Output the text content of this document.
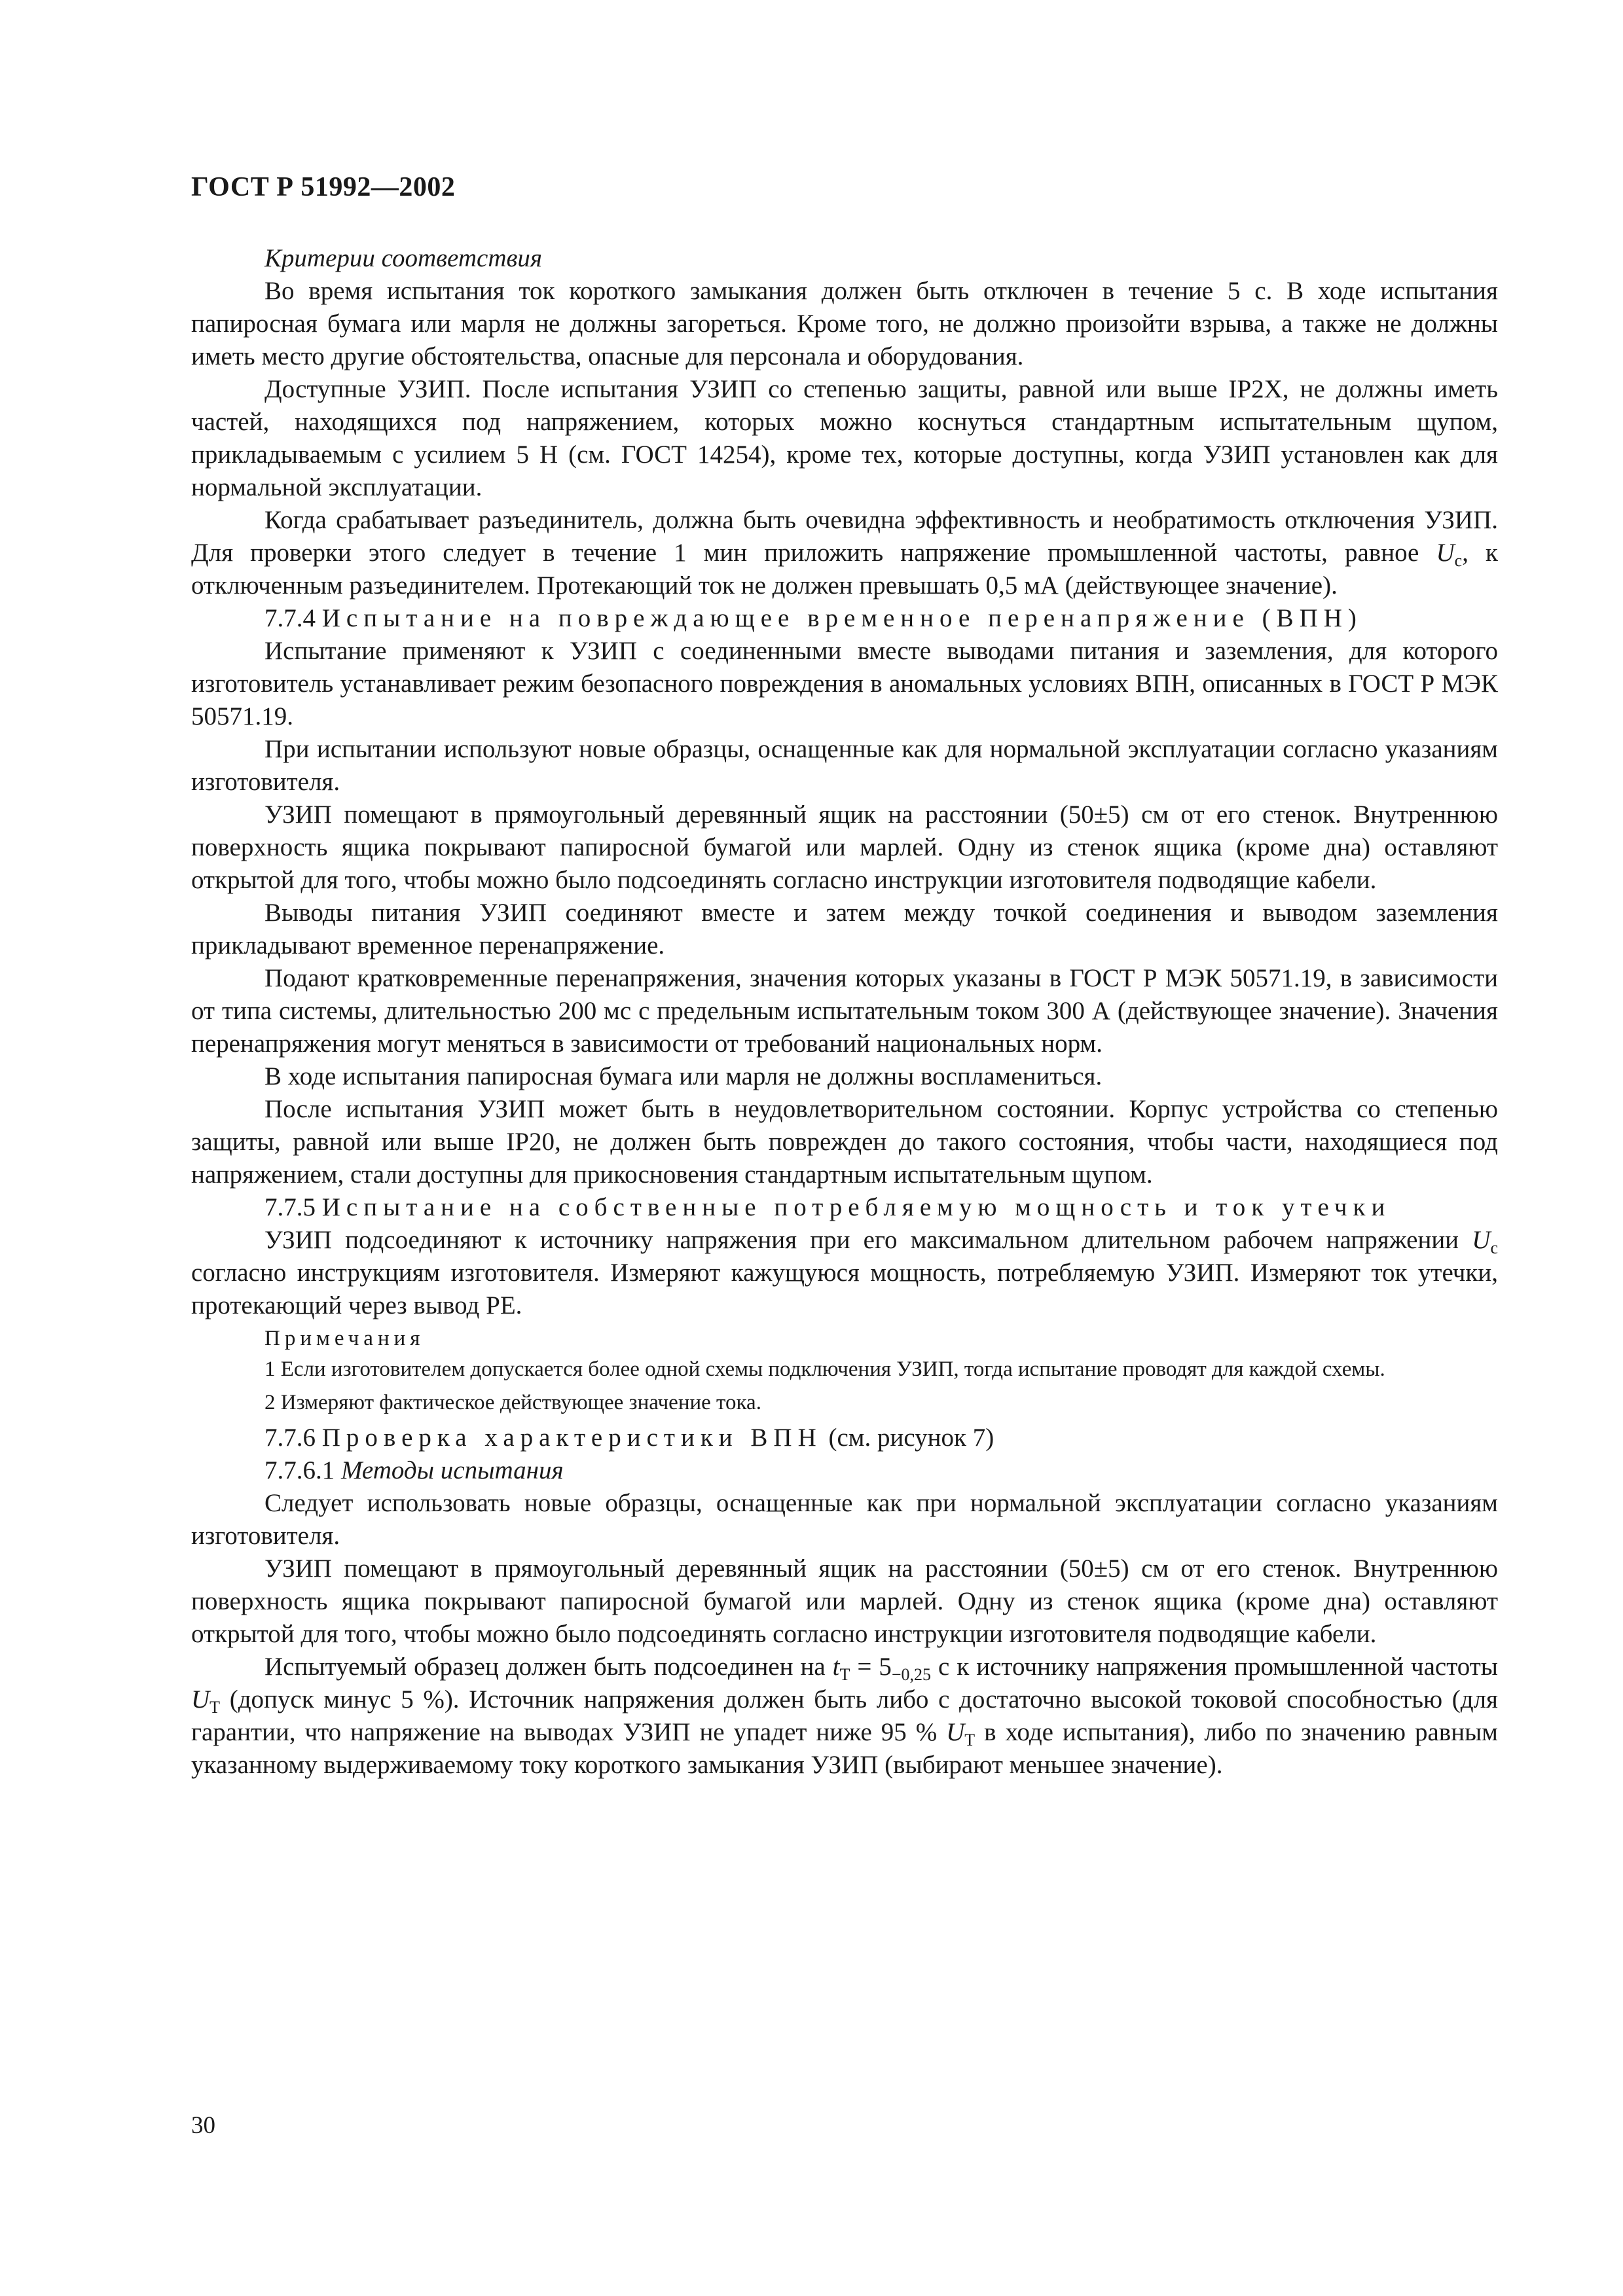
ГОСТ Р 51992—2002

Критерии соответствия

Во время испытания ток короткого замыкания должен быть отключен в течение 5 с. В ходе испытания папиросная бумага или марля не должны загореться. Кроме того, не должно произойти взрыва, а также не должны иметь место другие обстоятельства, опасные для персонала и оборудования.

Доступные УЗИП. После испытания УЗИП со степенью защиты, равной или выше IP2X, не должны иметь частей, находящихся под напряжением, которых можно коснуться стандартным испытательным щупом, прикладываемым с усилием 5 Н (см. ГОСТ 14254), кроме тех, которые доступны, когда УЗИП установлен как для нормальной эксплуатации.

Когда срабатывает разъединитель, должна быть очевидна эффективность и необратимость отключения УЗИП. Для проверки этого следует в течение 1 мин приложить напряжение промышленной частоты, равное $U_c$, к отключенным разъединителем. Протекающий ток не должен превышать 0,5 мА (действующее значение).

7.7.4 Испытание на повреждающее временное перенапряжение (ВПН)

Испытание применяют к УЗИП с соединенными вместе выводами питания и заземления, для которого изготовитель устанавливает режим безопасного повреждения в аномальных условиях ВПН, описанных в ГОСТ Р МЭК 50571.19.

При испытании используют новые образцы, оснащенные как для нормальной эксплуатации согласно указаниям изготовителя.

УЗИП помещают в прямоугольный деревянный ящик на расстоянии (50±5) см от его стенок. Внутреннюю поверхность ящика покрывают папиросной бумагой или марлей. Одну из стенок ящика (кроме дна) оставляют открытой для того, чтобы можно было подсоединять согласно инструкции изготовителя подводящие кабели.

Выводы питания УЗИП соединяют вместе и затем между точкой соединения и выводом заземления прикладывают временное перенапряжение.

Подают кратковременные перенапряжения, значения которых указаны в ГОСТ Р МЭК 50571.19, в зависимости от типа системы, длительностью 200 мс с предельным испытательным током 300 А (действующее значение). Значения перенапряжения могут меняться в зависимости от требований национальных норм.

В ходе испытания папиросная бумага или марля не должны воспламениться.

После испытания УЗИП может быть в неудовлетворительном состоянии. Корпус устройства со степенью защиты, равной или выше IP20, не должен быть поврежден до такого состояния, чтобы части, находящиеся под напряжением, стали доступны для прикосновения стандартным испытательным щупом.

7.7.5 Испытание на собственные потребляемую мощность и ток утечки

УЗИП подсоединяют к источнику напряжения при его максимальном длительном рабочем напряжении $U_c$ согласно инструкциям изготовителя. Измеряют кажущуюся мощность, потребляемую УЗИП. Измеряют ток утечки, протекающий через вывод PE.

Примечания

1 Если изготовителем допускается более одной схемы подключения УЗИП, тогда испытание проводят для каждой схемы.

2 Измеряют фактическое действующее значение тока.

7.7.6 Проверка характеристики ВПН (см. рисунок 7)

7.7.6.1 Методы испытания

Следует использовать новые образцы, оснащенные как при нормальной эксплуатации согласно указаниям изготовителя.

УЗИП помещают в прямоугольный деревянный ящик на расстоянии (50±5) см от его стенок. Внутреннюю поверхность ящика покрывают папиросной бумагой или марлей. Одну из стенок ящика (кроме дна) оставляют открытой для того, чтобы можно было подсоединять согласно инструкции изготовителя подводящие кабели.

Испытуемый образец должен быть подсоединен на $t_T = 5_{-0,25}$ с к источнику напряжения промышленной частоты $U_T$ (допуск минус 5 %). Источник напряжения должен быть либо с достаточно высокой токовой способностью (для гарантии, что напряжение на выводах УЗИП не упадет ниже 95 % $U_T$ в ходе испытания), либо по значению равным указанному выдерживаемому току короткого замыкания УЗИП (выбирают меньшее значение).

30
